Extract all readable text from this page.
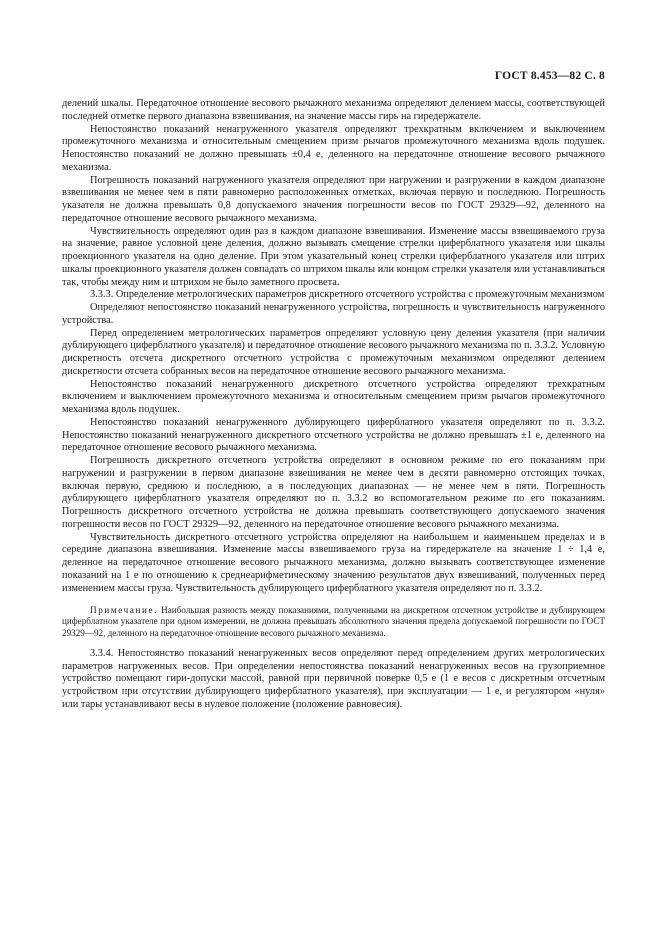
ГОСТ 8.453—82 С. 8

делений шкалы. Передаточное отношение весового рычажного механизма определяют делением массы, соответствующей последней отметке первого диапазона взвешивания, на значение массы гирь на гиредержателе.

Непостоянство показаний ненагруженного указателя определяют трехкратным включением и выключением промежуточного механизма и относительным смещением призм рычагов промежуточного механизма вдоль подушек. Непостоянство показаний не должно превышать ±0,4 e, деленного на передаточное отношение весового рычажного механизма.

Погрешность показаний нагруженного указателя определяют при нагружении и разгружении в каждом диапазоне взвешивания не менее чем в пяти равномерно расположенных отметках, включая первую и последнюю. Погрешность указателя не должна превышать 0,8 допускаемого значения погрешности весов по ГОСТ 29329—92, деленного на передаточное отношение весового рычажного механизма.

Чувствительность определяют один раз в каждом диапазоне взвешивания. Изменение массы взвешиваемого груза на значение, равное условной цене деления, должно вызывать смещение стрелки циферблатного указателя или шкалы проекционного указателя на одно деление. При этом указательный конец стрелки циферблатного указателя или штрих шкалы проекционного указателя должен совпадать со штрихом шкалы или концом стрелки указателя или устанавливаться так, чтобы между ним и штрихом не было заметного просвета.

3.3.3. Определение метрологических параметров дискретного отсчетного устройства с промежуточным механизмом

Определяют непостоянство показаний ненагруженного устройства, погрешность и чувствительность нагруженного устройства.

Перед определением метрологических параметров определяют условную цену деления указателя (при наличии дублирующего циферблатного указателя) и передаточное отношение весового рычажного механизма по п. 3.3.2. Условную дискретность отсчета дискретного отсчетного устройства с промежуточным механизмом определяют делением дискретности отсчета собранных весов на передаточное отношение весового рычажного механизма.

Непостоянство показаний ненагруженного дискретного отсчетного устройства определяют трехкратным включением и выключением промежуточного механизма и относительным смещением призм рычагов промежуточного механизма вдоль подушек.

Непостоянство показаний ненагруженного дублирующего циферблатного указателя определяют по п. 3.3.2. Непостоянство показаний ненагруженного дискретного отсчетного устройства не должно превышать ±1 e, деленного на передаточное отношение весового рычажного механизма.

Погрешность дискретного отсчетного устройства определяют в основном режиме по его показаниям при нагружении и разгружении в первом диапазоне взвешивания не менее чем в десяти равномерно отстоящих точках, включая первую, среднюю и последнюю, а в последующих диапазонах — не менее чем в пяти. Погрешность дублирующего циферблатного указателя определяют по п. 3.3.2 во вспомогательном режиме по его показаниям. Погрешность дискретного отсчетного устройства не должна превышать соответствующего допускаемого значения погрешности весов по ГОСТ 29329—92, деленного на передаточное отношение весового рычажного механизма.

Чувствительность дискретного отсчетного устройства определяют на наибольшем и наименьшем пределах и в середине диапазона взвешивания. Изменение массы взвешиваемого груза на гиредержателе на значение 1 ÷ 1,4 e, деленное на передаточное отношение весового рычажного механизма, должно вызывать соответствующее изменение показаний на 1 e по отношению к среднеарифметическому значению результатов двух взвешиваний, полученных перед изменением массы груза. Чувствительность дублирующего циферблатного указателя определяют по п. 3.3.2.

Примечание. Наибольшая разность между показаниями, полученными на дискретном отсчетном устройстве и дублирующем циферблатном указателе при одном измерении, не должна превышать абсолютного значения предела допускаемой погрешности по ГОСТ 29329—92, деленного на передаточное отношение весового рычажного механизма.

3.3.4. Непостоянство показаний ненагруженных весов определяют перед определением других метрологических параметров нагруженных весов. При определении непостоянства показаний ненагруженных весов на грузоприемное устройство помещают гири-допуски массой, равной при первичной поверке 0,5 e (1 e весов с дискретным отсчетным устройством при отсутствии дублирующего циферблатного указателя), при эксплуатации — 1 e, и регулятором «нуля» или тары устанавливают весы в нулевое положение (положение равновесия).
